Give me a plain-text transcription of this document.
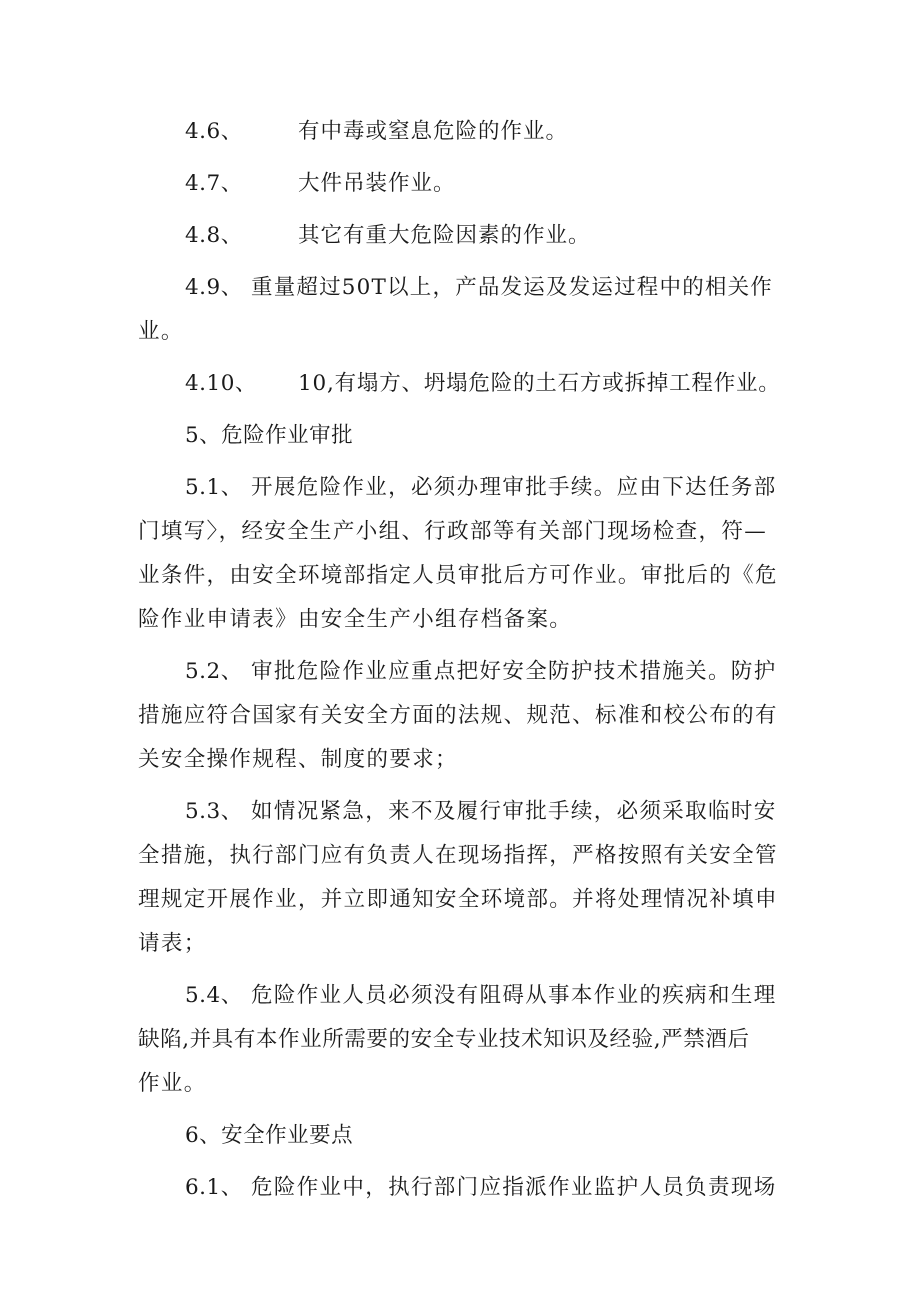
4.6、	有中毒或窒息危险的作业。
4.7、	大件吊装作业。
4.8、	其它有重大危险因素的作业。
4.9、 重量超过50T以上，产品发运及发运过程中的相关作
业。
4.10、 10,有塌方、坍塌危险的土石方或拆掉工程作业。
5、危险作业审批
5.1、 开展危险作业，必须办理审批手续。应由下达任务部
门填写〉，经安全生产小组、行政部等有关部门现场检查，符—
业条件，由安全环境部指定人员审批后方可作业。审批后的《危
险作业申请表》由安全生产小组存档备案。
5.2、 审批危险作业应重点把好安全防护技术措施关。防护
措施应符合国家有关安全方面的法规、规范、标准和校公布的有
关安全操作规程、制度的要求；
5.3、 如情况紧急，来不及履行审批手续，必须采取临时安
全措施，执行部门应有负责人在现场指挥，严格按照有关安全管
理规定开展作业，并立即通知安全环境部。并将处理情况补填申
请表；
5.4、 危险作业人员必须没有阻碍从事本作业的疾病和生理
缺陷,并具有本作业所需要的安全专业技术知识及经验,严禁酒后
作业。
6、安全作业要点
6.1、 危险作业中，执行部门应指派作业监护人员负责现场
